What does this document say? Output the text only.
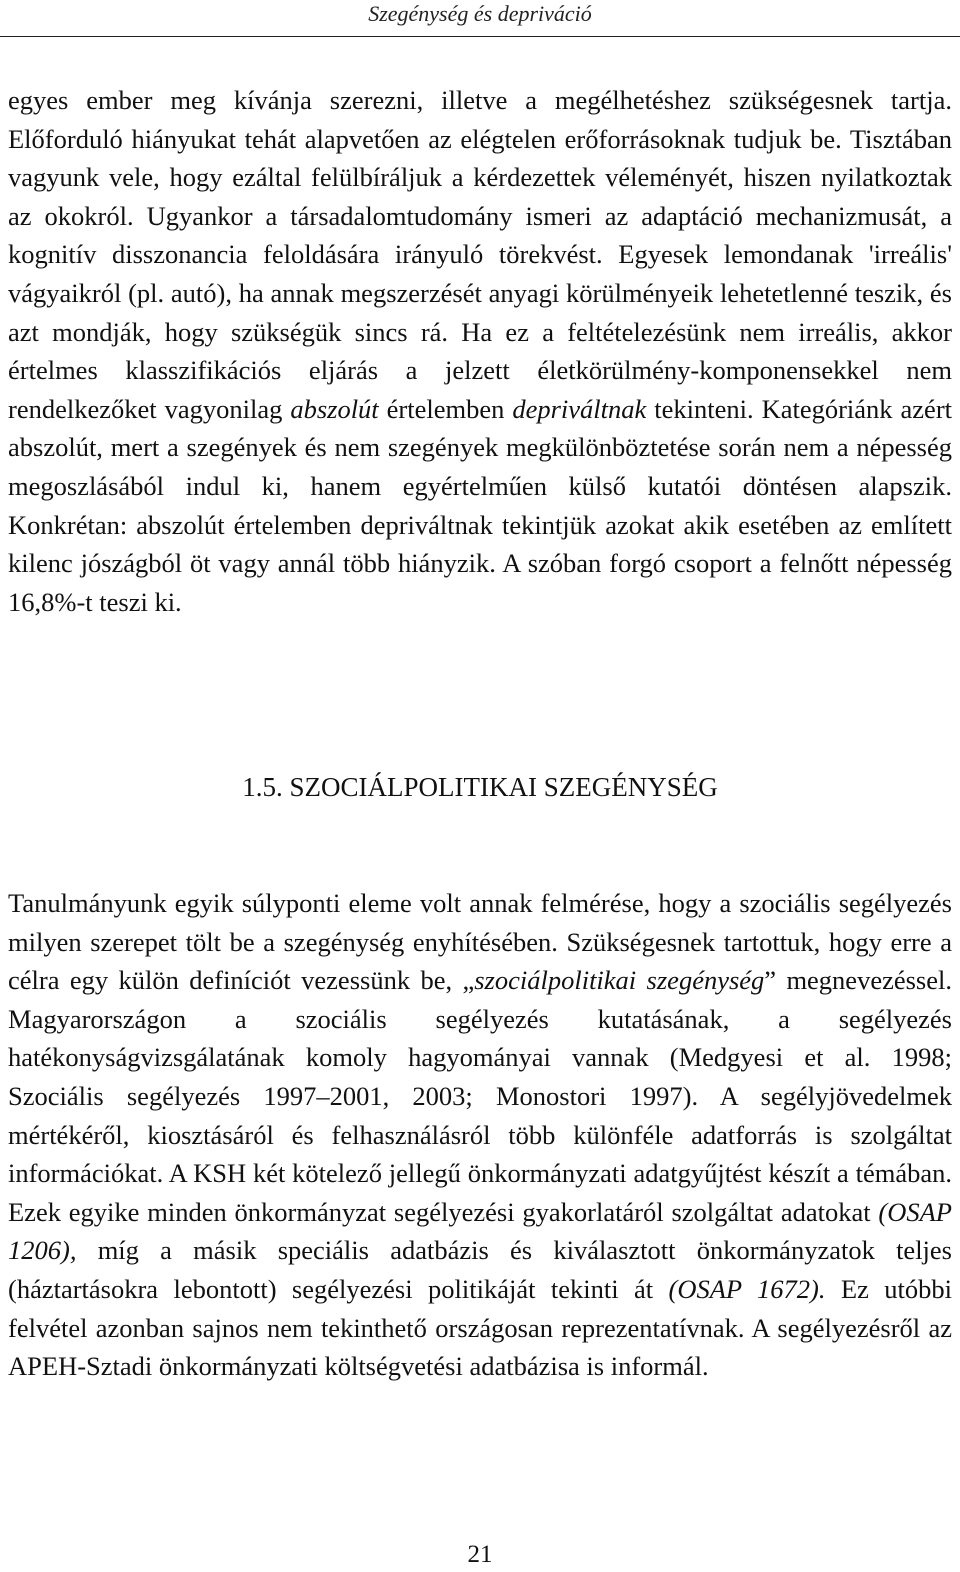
Szegénység és depriváció

egyes ember meg kívánja szerezni, illetve a megélhetéshez szükségesnek tartja. Előforduló hiányukat tehát alapvetően az elégtelen erőforrásoknak tudjuk be. Tisztában vagyunk vele, hogy ezáltal felülbíráljuk a kérdezettek véleményét, hiszen nyilatkoztak az okokról. Ugyankor a társadalomtudomány ismeri az adaptáció mechanizmusát, a kognitív disszonancia feloldására irányuló törekvést. Egyesek lemondanak 'irreális' vágyaikról (pl. autó), ha annak megszerzését anyagi körülményeik lehetetlenné teszik, és azt mondják, hogy szükségük sincs rá. Ha ez a feltételezésünk nem irreális, akkor értelmes klasszifikációs eljárás a jelzett életkörülmény-komponensekkel nem rendelkezőket vagyonilag abszolút értelemben depriváltnak tekinteni. Kategóriánk azért abszolút, mert a szegények és nem szegények megkülönböztetése során nem a népesség megoszlásából indul ki, hanem egyértelműen külső kutatói döntésen alapszik. Konkrétan: abszolút értelemben depriváltnak tekintjük azokat akik esetében az említett kilenc jószágból öt vagy annál több hiányzik. A szóban forgó csoport a felnőtt népesség 16,8%-t teszi ki.

1.5. SZOCIÁLPOLITIKAI SZEGÉNYSÉG

Tanulmányunk egyik súlyponti eleme volt annak felmérése, hogy a szociális segélyezés milyen szerepet tölt be a szegénység enyhítésében. Szükségesnek tartottuk, hogy erre a célra egy külön definíciót vezessünk be, „szociálpolitikai szegénység” megnevezéssel. Magyarországon a szociális segélyezés kutatásának, a segélyezés hatékonyságvizsgálatának komoly hagyományai vannak (Medgyesi et al. 1998; Szociális segélyezés 1997–2001, 2003; Monostori 1997). A segélyjövedelmek mértékéről, kiosztásáról és felhasználásról több különféle adatforrás is szolgáltat információkat. A KSH két kötelező jellegű önkormányzati adatgyűjtést készít a témában. Ezek egyike minden önkormányzat segélyezési gyakorlatáról szolgáltat adatokat (OSAP 1206), míg a másik speciális adatbázis és kiválasztott önkormányzatok teljes (háztartásokra lebontott) segélyezési politikáját tekinti át (OSAP 1672). Ez utóbbi felvétel azonban sajnos nem tekinthető országosan reprezentatívnak. A segélyezésről az APEH-Sztadi önkormányzati költségvetési adatbázisa is informál.

21
